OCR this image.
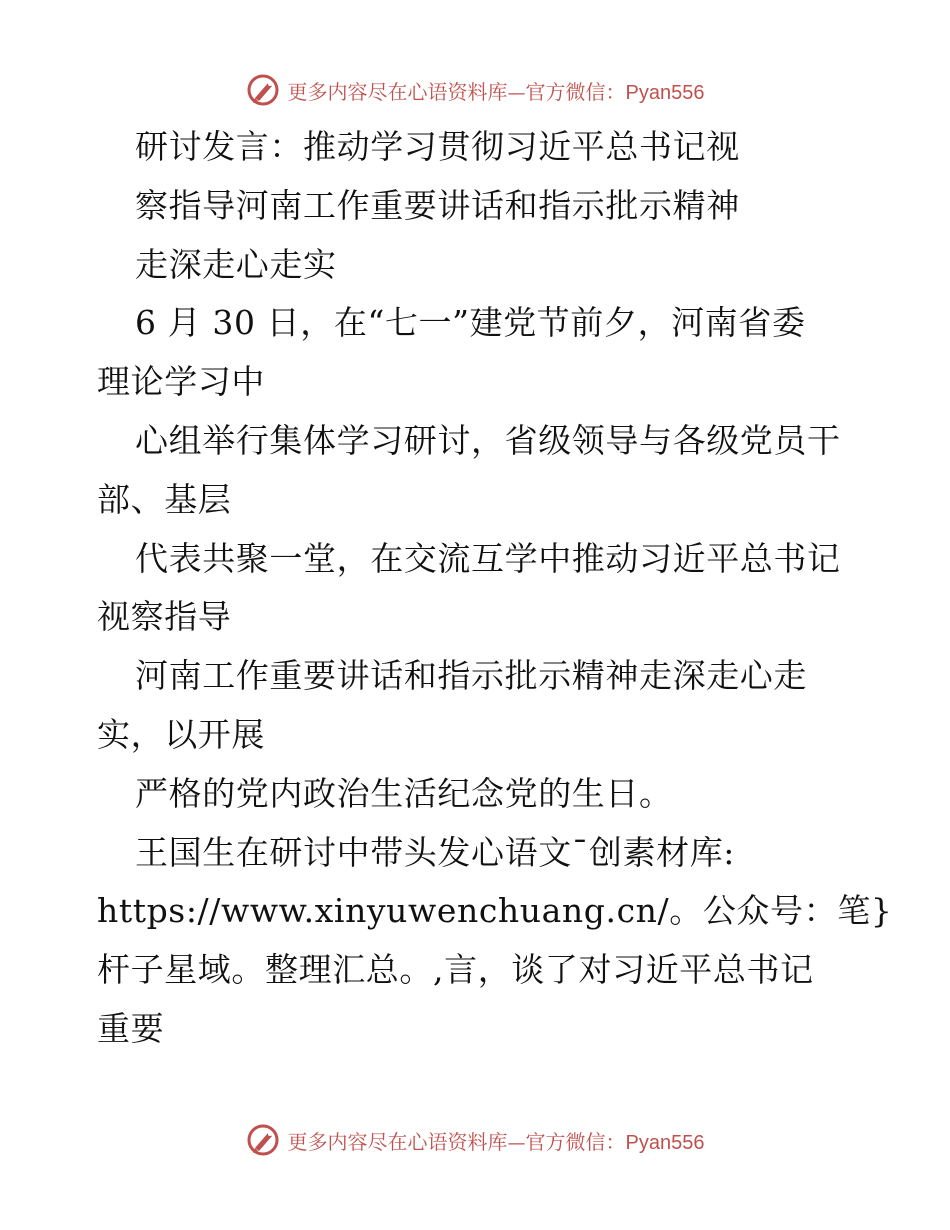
更多内容尽在心语资料库 — 官方微信： Pyan556
研讨发言：推动学习贯彻习近平总书记视
察指导河南工作重要讲话和指示批示精神
走深走心走实
6 月 30 日，在“七一”建党节前夕，河南省委
理论学习中
心组举行集体学习研讨，省级领导与各级党员干
部、基层
代表共聚一堂，在交流互学中推动习近平总书记
视察指导
河南工作重要讲话和指示批示精神走深走心走
实，以开展
严格的党内政治生活纪念党的生日。
王国生在研讨中带头发心语文¯创素材库:
https://www.xinyuwenchuang.cn/。公众号：笔}
杆子星域。整理汇总。,言，谈了对习近平总书记
重要
更多内容尽在心语资料库 — 官方微信： Pyan556
